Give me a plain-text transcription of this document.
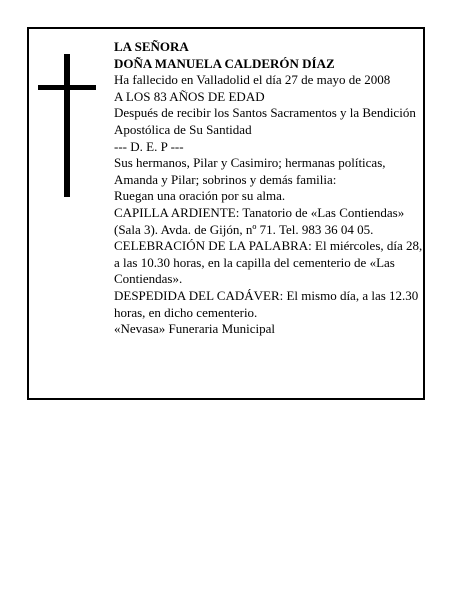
LA SEÑORA

DOÑA MANUELA CALDERÓN DÍAZ

Ha fallecido en Valladolid el día 27 de mayo de 2008

A LOS 83 AÑOS DE EDAD

Después de recibir los Santos Sacramentos y la Bendición Apostólica de Su Santidad

--- D. E. P ---

Sus hermanos, Pilar y Casimiro; hermanas políticas, Amanda y Pilar; sobrinos y demás familia:

Ruegan una oración por su alma.

CAPILLA ARDIENTE: Tanatorio de «Las Contiendas» (Sala 3). Avda. de Gijón, nº 71. Tel. 983 36 04 05.

CELEBRACIÓN DE LA PALABRA: El miércoles, día 28, a las 10.30 horas, en la capilla del cementerio de «Las Contiendas».

DESPEDIDA DEL CADÁVER: El mismo día, a las 12.30 horas, en dicho cementerio.

«Nevasa» Funeraria Municipal
